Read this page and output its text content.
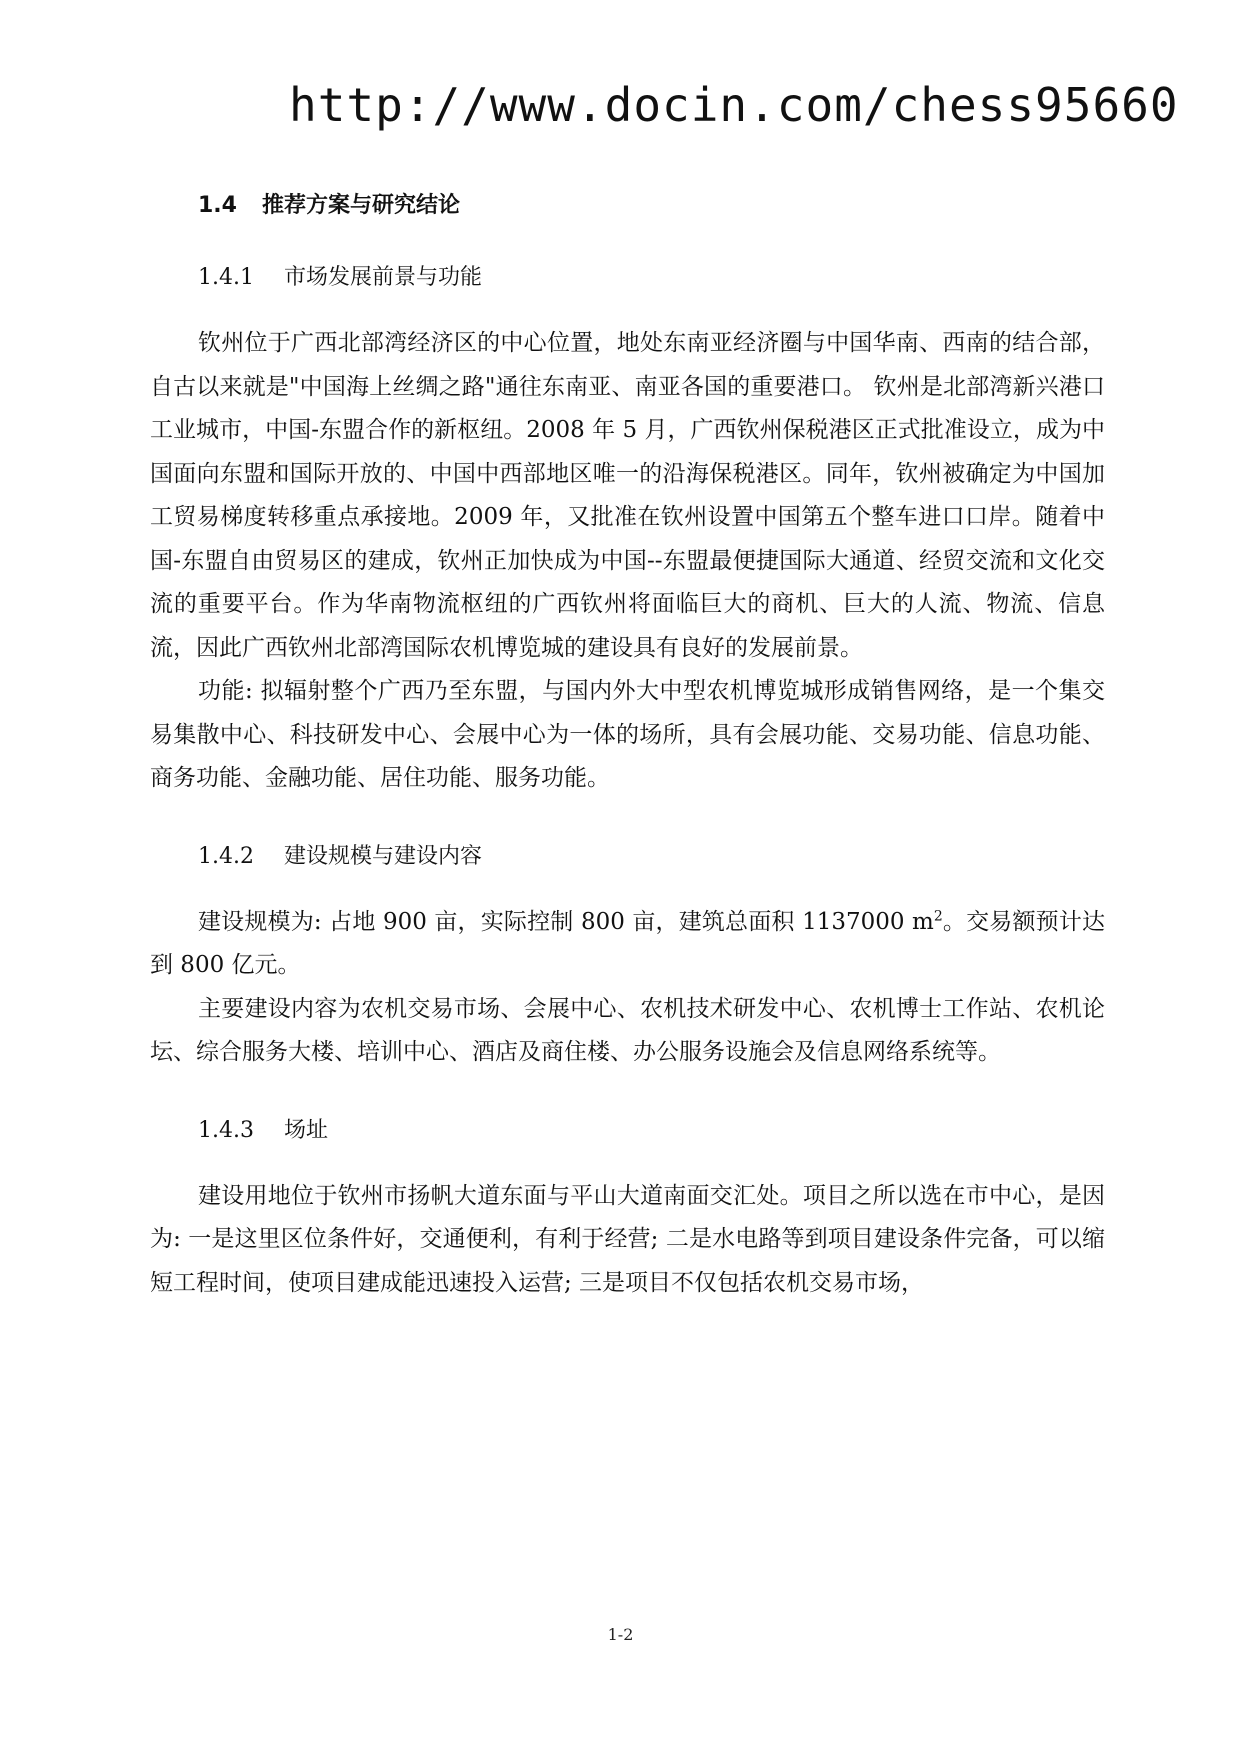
http://www.docin.com/chess95660
1.4 推荐方案与研究结论
1.4.1 市场发展前景与功能

钦州位于广西北部湾经济区的中心位置，地处东南亚经济圈与中国华南、西南的结合部，自古以来就是"中国海上丝绸之路"通往东南亚、南亚各国的重要港口。 钦州是北部湾新兴港口工业城市，中国-东盟合作的新枢纽。2008 年 5 月，广西钦州保税港区正式批准设立，成为中国面向东盟和国际开放的、中国中西部地区唯一的沿海保税港区。同年，钦州被确定为中国加工贸易梯度转移重点承接地。2009 年，又批准在钦州设置中国第五个整车进口口岸。随着中国-东盟自由贸易区的建成，钦州正加快成为中国--东盟最便捷国际大通道、经贸交流和文化交流的重要平台。作为华南物流枢纽的广西钦州将面临巨大的商机、巨大的人流、物流、信息流，因此广西钦州北部湾国际农机博览城的建设具有良好的发展前景。

功能: 拟辐射整个广西乃至东盟，与国内外大中型农机博览城形成销售网络，是一个集交易集散中心、科技研发中心、会展中心为一体的场所，具有会展功能、交易功能、信息功能、商务功能、金融功能、居住功能、服务功能。

1.4.2 建设规模与建设内容

建设规模为: 占地 900 亩，实际控制 800 亩，建筑总面积 1137000 $m^2$。交易额预计达到 800 亿元。

主要建设内容为农机交易市场、会展中心、农机技术研发中心、农机博士工作站、农机论坛、综合服务大楼、培训中心、酒店及商住楼、办公服务设施会及信息网络系统等。

1.4.3 场址

建设用地位于钦州市扬帆大道东面与平山大道南面交汇处。项目之所以选在市中心，是因为: 一是这里区位条件好，交通便利，有利于经营; 二是水电路等到项目建设条件完备，可以缩短工程时间，使项目建成能迅速投入运营; 三是项目不仅包括农机交易市场，

1-2
